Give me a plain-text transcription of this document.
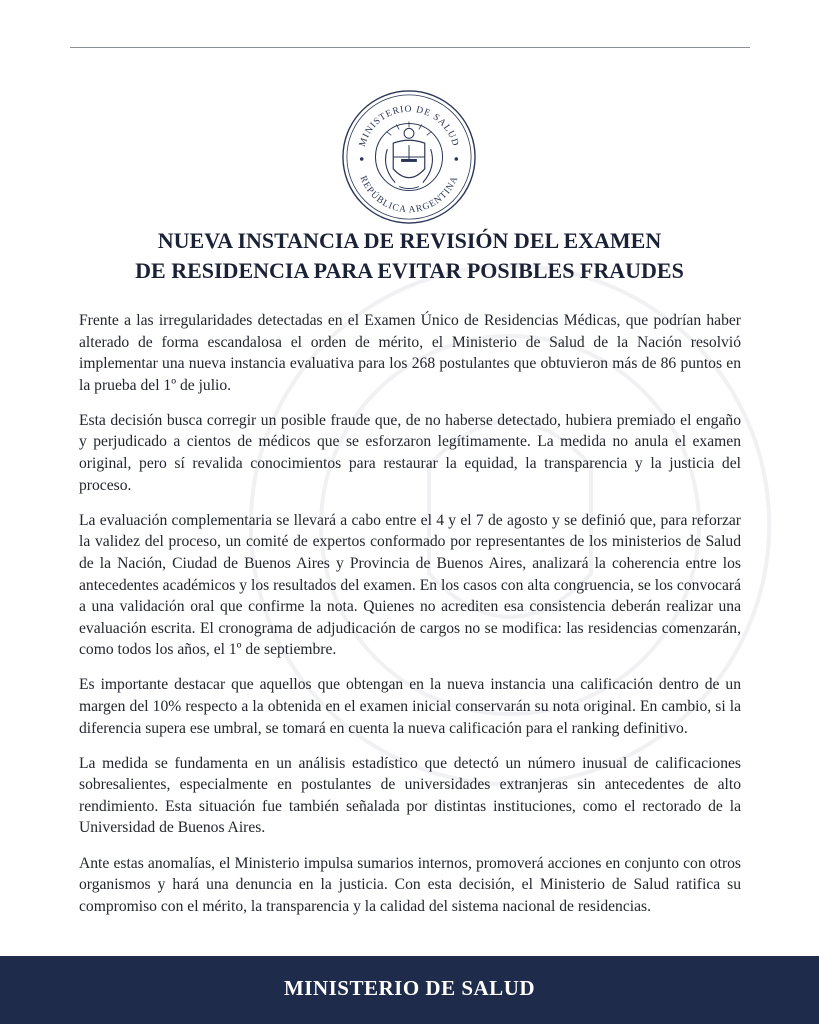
MINISTERIO DE SALUD
REPÚBLICA ARGENTINA
NUEVA INSTANCIA DE REVISIÓN DEL EXAMEN
DE RESIDENCIA PARA EVITAR POSIBLES FRAUDES

Frente a las irregularidades detectadas en el Examen Único de Residencias Médicas, que podrían haber alterado de forma escandalosa el orden de mérito, el Ministerio de Salud de la Nación resolvió implementar una nueva instancia evaluativa para los 268 postulantes que obtuvieron más de 86 puntos en la prueba del 1º de julio.

Esta decisión busca corregir un posible fraude que, de no haberse detectado, hubiera premiado el engaño y perjudicado a cientos de médicos que se esforzaron legítimamente. La medida no anula el examen original, pero sí revalida conocimientos para restaurar la equidad, la transparencia y la justicia del proceso.

La evaluación complementaria se llevará a cabo entre el 4 y el 7 de agosto y se definió que, para reforzar la validez del proceso, un comité de expertos conformado por representantes de los ministerios de Salud de la Nación, Ciudad de Buenos Aires y Provincia de Buenos Aires, analizará la coherencia entre los antecedentes académicos y los resultados del examen. En los casos con alta congruencia, se los convocará a una validación oral que confirme la nota. Quienes no acrediten esa consistencia deberán realizar una evaluación escrita. El cronograma de adjudicación de cargos no se modifica: las residencias comenzarán, como todos los años, el 1º de septiembre.

Es importante destacar que aquellos que obtengan en la nueva instancia una calificación dentro de un margen del 10% respecto a la obtenida en el examen inicial conservarán su nota original. En cambio, si la diferencia supera ese umbral, se tomará en cuenta la nueva calificación para el ranking definitivo.

La medida se fundamenta en un análisis estadístico que detectó un número inusual de calificaciones sobresalientes, especialmente en postulantes de universidades extranjeras sin antecedentes de alto rendimiento. Esta situación fue también señalada por distintas instituciones, como el rectorado de la Universidad de Buenos Aires.

Ante estas anomalías, el Ministerio impulsa sumarios internos, promoverá acciones en conjunto con otros organismos y hará una denuncia en la justicia. Con esta decisión, el Ministerio de Salud ratifica su compromiso con el mérito, la transparencia y la calidad del sistema nacional de residencias.

MINISTERIO DE SALUD
